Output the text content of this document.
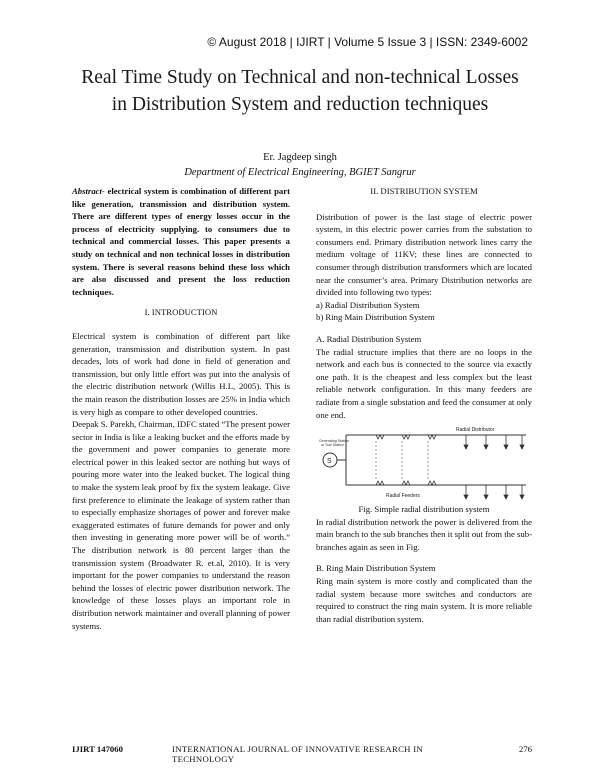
© August 2018 | IJIRT | Volume 5 Issue 3 | ISSN: 2349-6002
Real Time Study on Technical and non-technical Losses
in Distribution System and reduction techniques
Er. Jagdeep singh
Department of Electrical Engineering, BGIET Sangrur

Abstract- electrical system is combination of different part like generation, transmission and distribution system. There are different types of energy losses occur in the process of electricity supplying. to consumers due to technical and commercial losses. This paper presents a study on technical and non technical losses in distribution system. There is several reasons behind these loss which are also discussed and present the loss reduction techniques.

I. INTRODUCTION

Electrical system is combination of different part like generation, transmission and distribution system. In past decades, lots of work had done in field of generation and transmission, but only little effort was put into the analysis of the electric distribution network (Willis H.L, 2005). This is the main reason the distribution losses are 25% in India which is very high as compare to other developed countries.

Deepak S. Parekh, Chairman, IDFC stated “The present power sector in India is like a leaking bucket and the efforts made by the government and power companies to generate more electrical power in this leaked sector are nothing but ways of pouring more water into the leaked bucket. The logical thing to make the system leak proof by fix the system leakage. Give first preference to eliminate the leakage of system rather than to especially emphasize shortages of power and forever make exaggerated estimates of future demands for power and only then investing in generating more power will be of worth.” The distribution network is 80 percent larger than the transmission system (Broadwater R. et.al, 2010). It is very important for the power companies to understand the reason behind the losses of electric power distribution network. The knowledge of these losses plays an important role in distribution network maintainer and overall planning of power systems.

II. DISTRIBUTION SYSTEM

Distribution of power is the last stage of electric power system, in this electric power carries from the substation to consumers end. Primary distribution network lines carry the medium voltage of 11KV; these lines are connected to consumer through distribution transformers which are located near the consumer’s area. Primary Distribution networks are divided into following two types:

a) Radial Distribution System

b) Ring Main Distribution System

A. Radial Distribution System

The radial structure implies that there are no loops in the network and each bus is connected to the source via exactly one path. It is the cheapest and less complex but the least reliable network configuration. In this many feeders are radiate from a single substation and feed the consumer at only one end.

S
Generating Station
or Sub Station
Radial Distributor
Radial Feeders

Fig. Simple radial distribution system

In radial distribution network the power is delivered from the main branch to the sub branches then it split out from the sub-branches again as seen in Fig.

B. Ring Main Distribution System

Ring main system is more costly and complicated than the radial system because more switches and conductors are required to construct the ring main system. It is more reliable than radial distribution system.

IJIRT 147060	INTERNATIONAL JOURNAL OF INNOVATIVE RESEARCH IN TECHNOLOGY
276
